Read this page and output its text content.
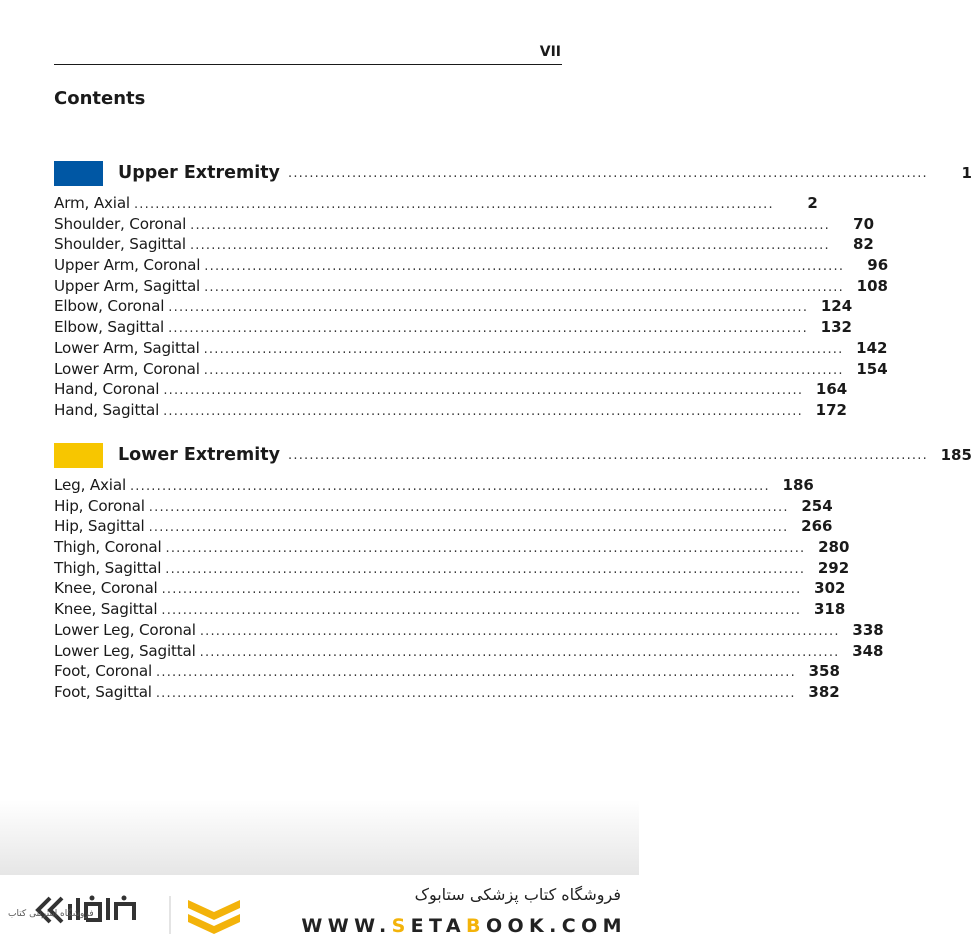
VII
Contents
Upper Extremity ........................................................................................................................	1
Arm, Axial ........................................................................................................................	2
Shoulder, Coronal ........................................................................................................................	70
Shoulder, Sagittal ........................................................................................................................	82
Upper Arm, Coronal ........................................................................................................................	96
Upper Arm, Sagittal ........................................................................................................................ 108
Elbow, Coronal ........................................................................................................................ 124
Elbow, Sagittal ........................................................................................................................ 132
Lower Arm, Sagittal ........................................................................................................................ 142
Lower Arm, Coronal ........................................................................................................................ 154
Hand, Coronal ........................................................................................................................ 164
Hand, Sagittal ........................................................................................................................ 172
Lower Extremity ........................................................................................................................ 185
Leg, Axial ........................................................................................................................ 186
Hip, Coronal ........................................................................................................................ 254
Hip, Sagittal ........................................................................................................................ 266
Thigh, Coronal ........................................................................................................................ 280
Thigh, Sagittal ........................................................................................................................ 292
Knee, Coronal ........................................................................................................................ 302
Knee, Sagittal ........................................................................................................................ 318
Lower Leg, Coronal ........................................................................................................................ 338
Lower Leg, Sagittal ........................................................................................................................ 348
Foot, Coronal ........................................................................................................................ 358
Foot, Sagittal ........................................................................................................................ 382
فروشگاه اینترنتی کتاب
فروشگاه کتاب پزشکی ستابوک
WWW.SETABOOK.COM
